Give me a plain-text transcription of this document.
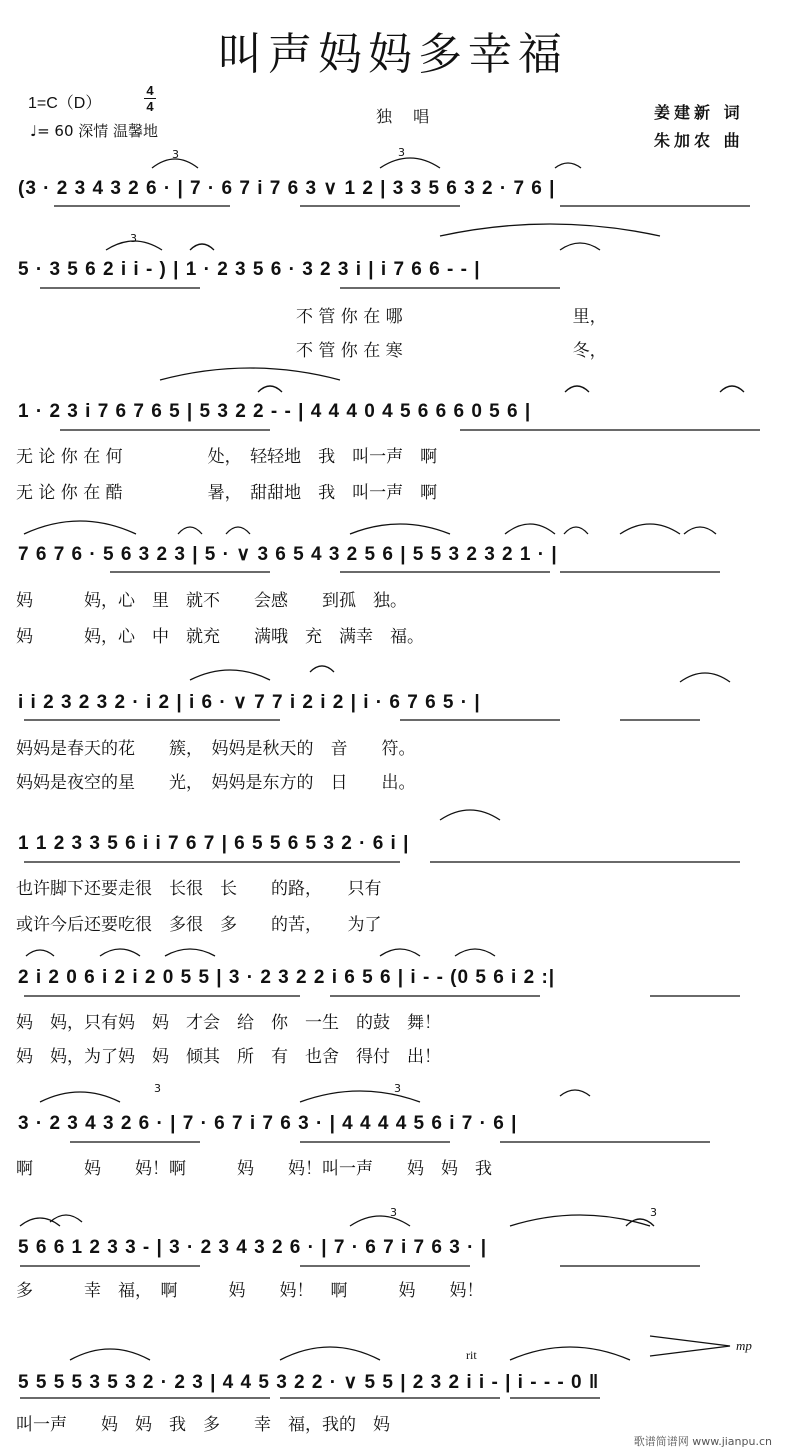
叫声妈妈多幸福
1=C（D）
4
4
♩= 60 深情 温馨地
独 唱	姜建新 词
朱加农 曲
(3 · 2 3 4 3 2 6 · | 7 · 6 7 i 7 6 3 ∨ 1 2 | 3 3 5 6 3 2 · 7 6 |
5 · 3 5 6 2 i i - ) | 1 · 2 3 5 6 · 3 2 3 i | i 7 6 6 - - |
不 管 你 在 哪　　　　　　　　　　里，
不 管 你 在 寒　　　　　　　　　　冬，
1 · 2 3 i 7 6 7 6 5 | 5 3 2 2 - - | 4 4 4 0 4 5 6 6 6 0 5 6 |
无 论 你 在 何　　　　　处，　轻轻地　我　叫一声　啊
无 论 你 在 酷　　　　　暑，　甜甜地　我　叫一声　啊
7 6 7 6 · 5 6 3 2 3 | 5 · ∨ 3 6 5 4 3 2 5 6 | 5 5 3 2 3 2 1 · |
妈　　　妈，心　里　就不　　会感　　到孤　独。
妈　　　妈，心　中　就充　　满哦　充　满幸　福。
i i 2 3 2 3 2 · i 2 | i 6 · ∨ 7 7 i 2 i 2 | i · 6 7 6 5 · |
妈妈是春天的花　　簇，　妈妈是秋天的　音　　符。
妈妈是夜空的星　　光，　妈妈是东方的　日　　出。
1 1 2 3 3 5 6 i i 7 6 7 | 6 5 5 6 5 3 2 · 6 i |
也许脚下还要走很　长很　长　　的路，　　只有
或许今后还要吃很　多很　多　　的苦，　　为了
2 i 2 0 6 i 2 i 2 0 5 5 | 3 · 2 3 2 2 i 6 5 6 | i - - (0 5 6 i 2 :|
妈　妈，只有妈　妈　才会　给　你　一生　的鼓　舞！
妈　妈，为了妈　妈　倾其　所　有　也舍　得付　出！
3 · 2 3 4 3 2 6 · | 7 · 6 7 i 7 6 3 · | 4 4 4 4 5 6 i 7 · 6 |
啊　　　妈　　妈！啊　　　妈　　妈！叫一声　　妈　妈　我
5 6 6 1 2 3 3 - | 3 · 2 3 4 3 2 6 · | 7 · 6 7 i 7 6 3 · |
多　　　幸　福，　啊　　　妈　　妈！　啊　　　妈　　妈！
rit
mp
5 5 5 5 3 5 3 2 · 2 3 | 4 4 5 3 2 2 · ∨ 5 5 | 2 3 2 i i - | i - - - 0 ‖
叫一声　　妈　妈　我　多　　幸　福，我的　妈
3	3
3
3	3
3	3
歌谱简谱网 www.jianpu.cn
